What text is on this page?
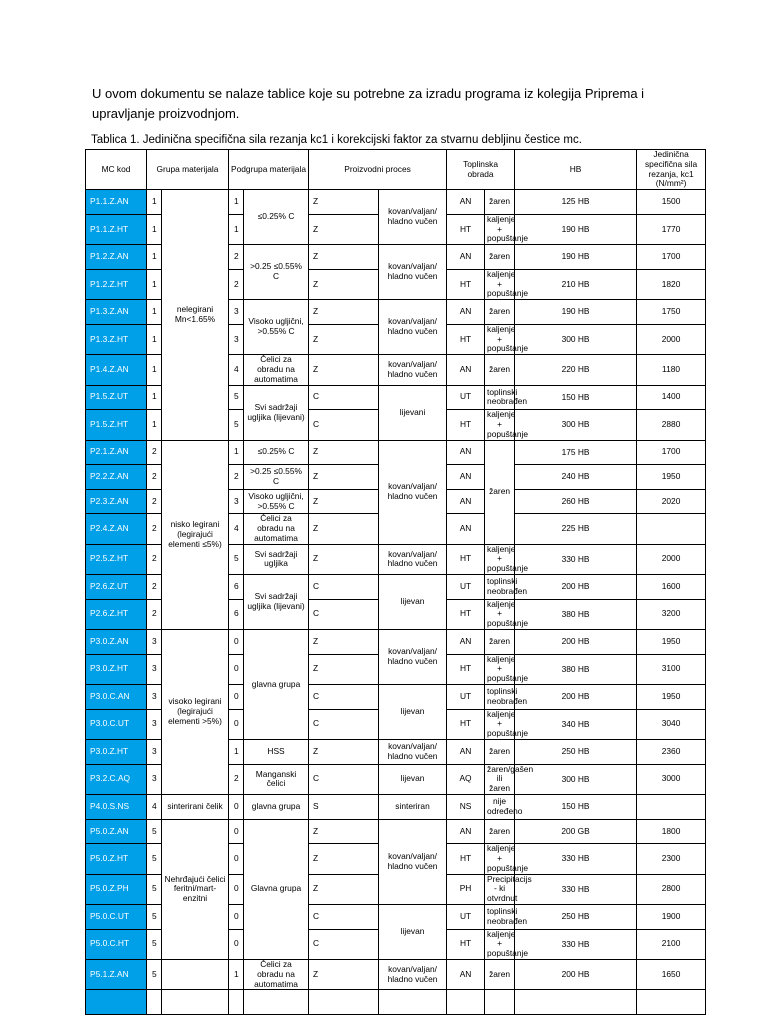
U ovom dokumentu se nalaze tablice koje su potrebne za izradu programa iz kolegija Priprema i upravljanje proizvodnjom.
Tablica 1. Jedinična specifična sila rezanja kc1 i korekcijski faktor za stvarnu debljinu čestice mc.
MC kod	Grupa materijala		Podgrupa materijala		Proizvodni proces		Toplinska obrada		HB	Jedinična specifična sila rezanja, kc1 (N/mm²)	
P1.1.Z.AN	1	nelegirani Mn<1.65%	1	≤0.25% C	Z	kovan/valjan/ hladno vučen	AN	žaren	125 HB	1500	
P1.1.Z.HT	1		1		Z		HT	kaljenje + popuštanje	190 HB	1770	
P1.2.Z.AN	1		2	>0.25 ≤0.55% C	Z	kovan/valjan/ hladno vučen	AN	žaren	190 HB	1700	
P1.2.Z.HT	1		2		Z		HT	kaljenje + popuštanje	210 HB	1820	
P1.3.Z.AN	1		3	Visoko ugljični, >0.55% C	Z	kovan/valjan/ hladno vučen	AN	žaren	190 HB	1750	
P1.3.Z.HT	1		3		Z		HT	kaljenje + popuštanje	300 HB	2000	
P1.4.Z.AN	1		4	Čelici za obradu na automatima	Z	kovan/valjan/ hladno vučen	AN	žaren	220 HB	1180	
P1.5.Z.UT	1		5	Svi sadržaji ugljika (lijevani)	C	lijevani	UT	toplinski neobrađen	150 HB	1400	
P1.5.Z.HT	1		5		C		HT	kaljenje + popuštanje	300 HB	2880	
P2.1.Z.AN	2	nisko legirani (legirajući elementi ≤5%)	1	≤0.25% C	Z	kovan/valjan/ hladno vučen	AN	žaren	175 HB	1700	
P2.2.Z.AN	2		2	>0.25 ≤0.55% C	Z		AN		240 HB	1950	
P2.3.Z.AN	2		3	Visoko ugljični, >0.55% C	Z		AN		260 HB	2020	
P2.4.Z.AN	2		4	Čelici za obradu na automatima	Z		AN		225 HB		
P2.5.Z.HT	2		5	Svi sadržaji ugljika	Z	kovan/valjan/ hladno vučen	HT	kaljenje + popuštanje	330 HB	2000	
P2.6.Z.UT	2		6	Svi sadržaji ugljika (lijevani)	C	lijevan	UT	toplinski neobrađen	200 HB	1600	
P2.6.Z.HT	2		6		C		HT	kaljenje + popuštanje	380 HB	3200	
P3.0.Z.AN	3	visoko legirani (legirajući elementi >5%)	0	glavna grupa	Z	kovan/valjan/ hladno vučen	AN	žaren	200 HB	1950	
P3.0.Z.HT	3		0		Z		HT	kaljenje + popuštanje	380 HB	3100	
P3.0.C.AN	3		0		C	lijevan	UT	toplinski neobrađen	200 HB	1950	
P3.0.C.UT	3		0		C		HT	kaljenje + popuštanje	340 HB	3040	
P3.0.Z.HT	3		1	HSS	Z	kovan/valjan/ hladno vučen	AN	žaren	250 HB	2360	
P3.2.C.AQ	3		2	Manganski čelici	C	lijevan	AQ	žaren/gašen ili žaren	300 HB	3000	
P4.0.S.NS	4	sinterirani čelik	0	glavna grupa	S	sinteriran	NS	nije određeno	150 HB		
P5.0.Z.AN	5	Nehrđajući čelici feritni/mart-enzitni	0	Glavna grupa	Z	kovan/valjan/ hladno vučen	AN	žaren	200 GB	1800	
P5.0.Z.HT	5		0		Z		HT	kaljenje + popuštanje	330 HB	2300	
P5.0.Z.PH	5		0		Z		PH	Precipitacijs - ki otvrdnut	330 HB	2800	
P5.0.C.UT	5		0		C	lijevan	UT	toplinski neobrađen	250 HB	1900	
P5.0.C.HT	5		0		C		HT	kaljenje + popuštanje	330 HB	2100	
P5.1.Z.AN	5		1	Čelici za obradu na automatima	Z	kovan/valjan/ hladno vučen	AN	žaren	200 HB	1650	
